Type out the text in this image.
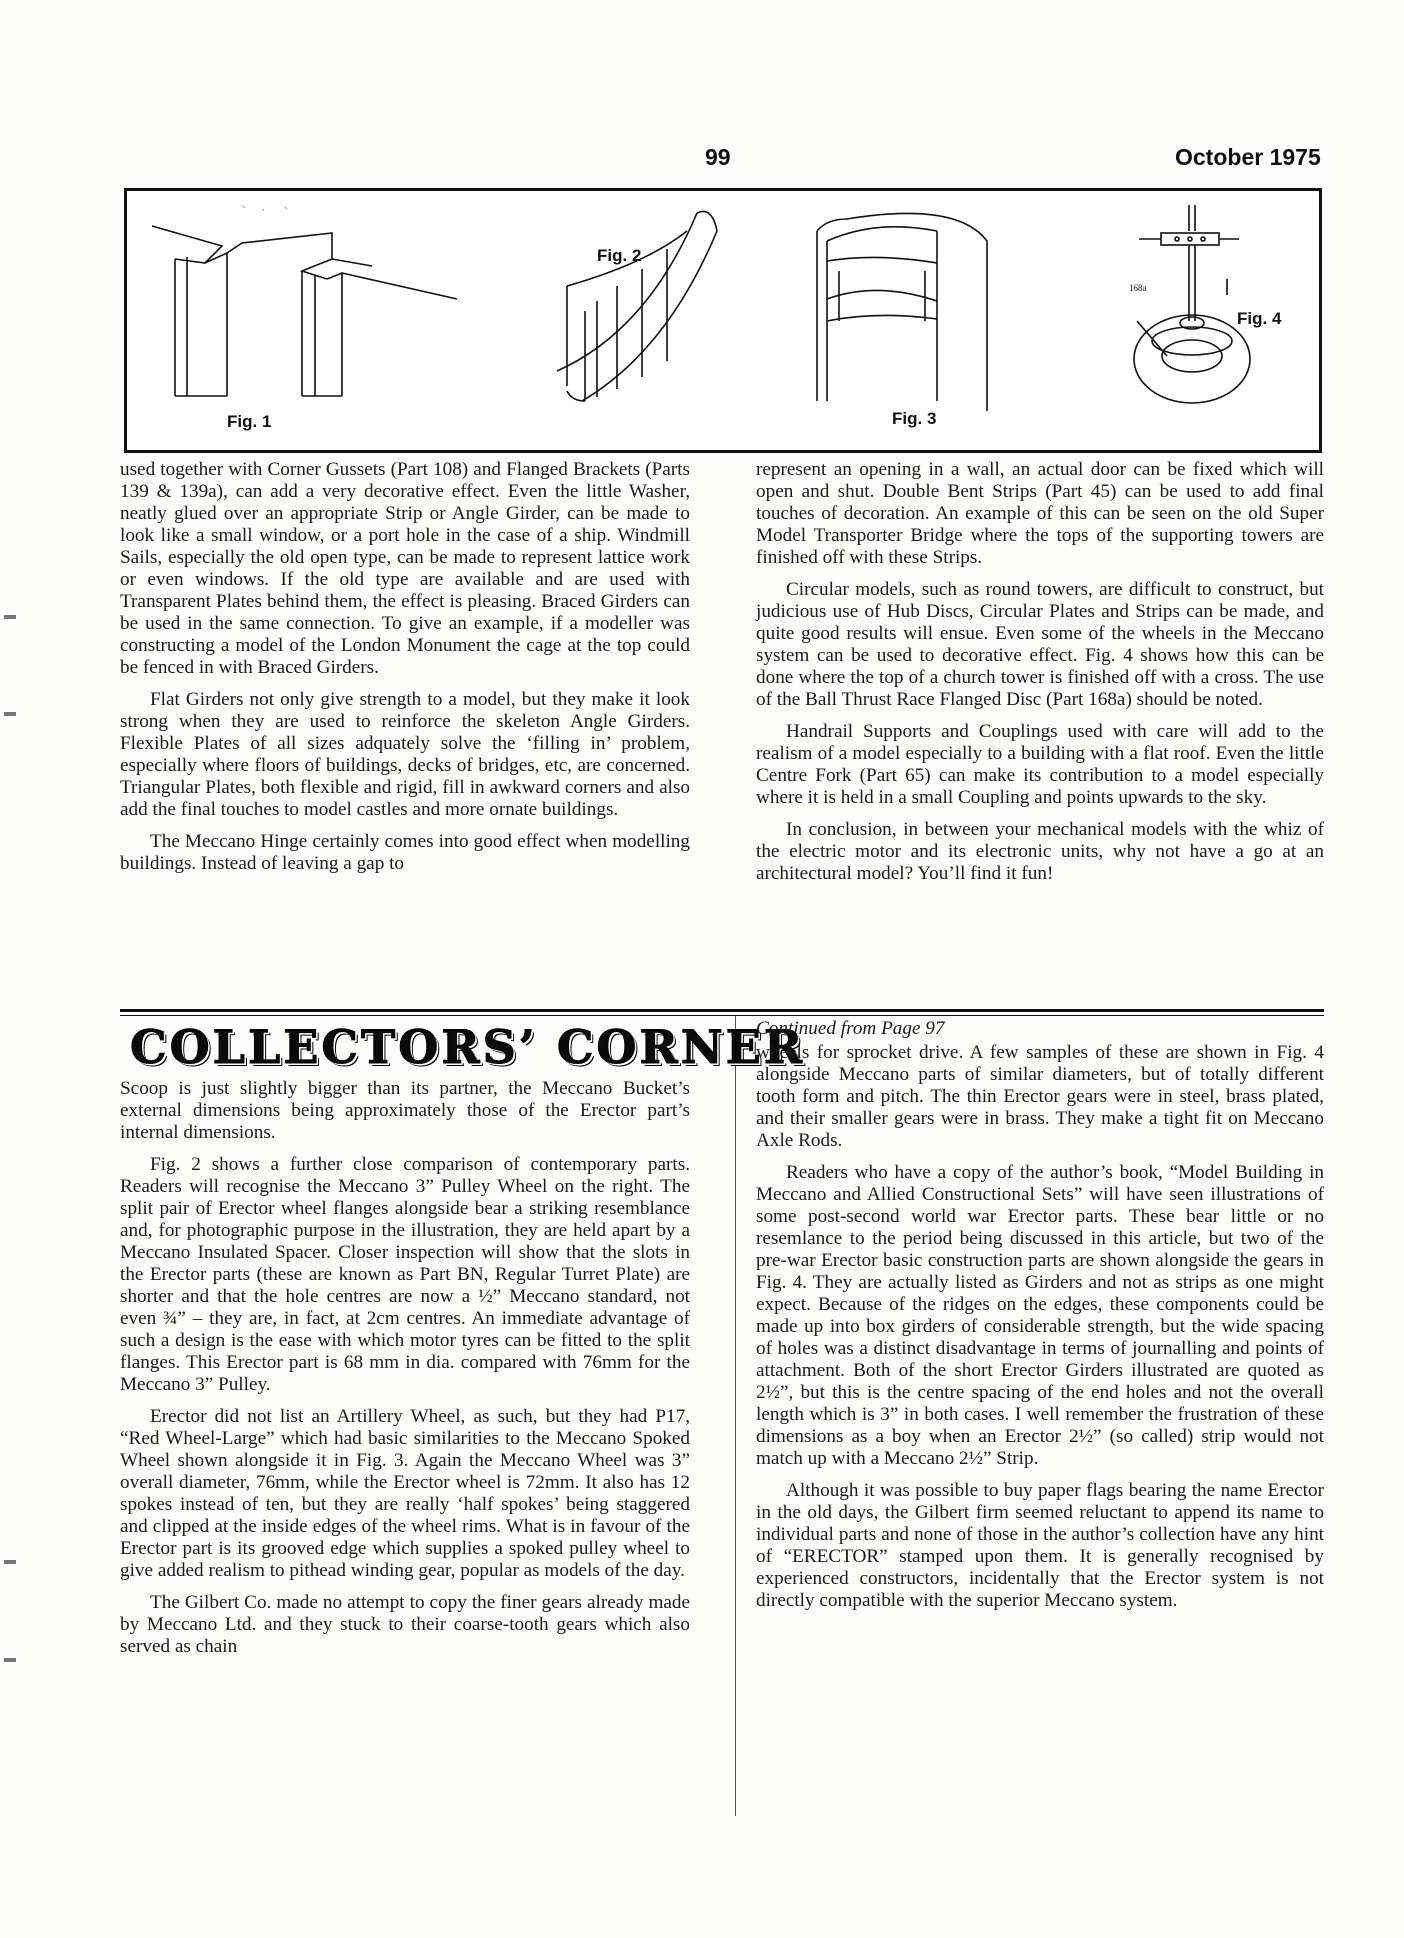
99	October 1975
168a
Fig. 1
Fig. 2
Fig. 3
Fig. 4

used together with Corner Gussets (Part 108) and Flanged Brackets (Parts 139 & 139a), can add a very decorative effect. Even the little Washer, neatly glued over an appropriate Strip or Angle Girder, can be made to look like a small window, or a port hole in the case of a ship. Windmill Sails, especially the old open type, can be made to represent lattice work or even windows. If the old type are available and are used with Transparent Plates behind them, the effect is pleasing. Braced Girders can be used in the same connection. To give an example, if a modeller was constructing a model of the London Monument the cage at the top could be fenced in with Braced Girders.

Flat Girders not only give strength to a model, but they make it look strong when they are used to reinforce the skeleton Angle Girders. Flexible Plates of all sizes adquately solve the ‘filling in’ problem, especially where floors of buildings, decks of bridges, etc, are concerned. Triangular Plates, both flexible and rigid, fill in awkward corners and also add the final touches to model castles and more ornate buildings.

The Meccano Hinge certainly comes into good effect when modelling buildings. Instead of leaving a gap to

represent an opening in a wall, an actual door can be fixed which will open and shut. Double Bent Strips (Part 45) can be used to add final touches of decoration. An example of this can be seen on the old Super Model Transporter Bridge where the tops of the supporting towers are finished off with these Strips.

Circular models, such as round towers, are difficult to construct, but judicious use of Hub Discs, Circular Plates and Strips can be made, and quite good results will ensue. Even some of the wheels in the Meccano system can be used to decorative effect. Fig. 4 shows how this can be done where the top of a church tower is finished off with a cross. The use of the Ball Thrust Race Flanged Disc (Part 168a) should be noted.

Handrail Supports and Couplings used with care will add to the realism of a model especially to a building with a flat roof. Even the little Centre Fork (Part 65) can make its contribution to a model especially where it is held in a small Coupling and points upwards to the sky.

In conclusion, in between your mechanical models with the whiz of the electric motor and its electronic units, why not have a go at an architectural model? You’ll find it fun!

COLLECTORS’ CORNER

Scoop is just slightly bigger than its partner, the Meccano Bucket’s external dimensions being approximately those of the Erector part’s internal dimensions.

Fig. 2 shows a further close comparison of contemporary parts. Readers will recognise the Meccano 3” Pulley Wheel on the right. The split pair of Erector wheel flanges alongside bear a striking resemblance and, for photographic purpose in the illustration, they are held apart by a Meccano Insulated Spacer. Closer inspection will show that the slots in the Erector parts (these are known as Part BN, Regular Turret Plate) are shorter and that the hole centres are now a ½” Meccano standard, not even ¾” – they are, in fact, at 2cm centres. An immediate advantage of such a design is the ease with which motor tyres can be fitted to the split flanges. This Erector part is 68 mm in dia. compared with 76mm for the Meccano 3” Pulley.

Erector did not list an Artillery Wheel, as such, but they had P17, “Red Wheel-Large” which had basic similarities to the Meccano Spoked Wheel shown alongside it in Fig. 3. Again the Meccano Wheel was 3” overall diameter, 76mm, while the Erector wheel is 72mm. It also has 12 spokes instead of ten, but they are really ‘half spokes’ being staggered and clipped at the inside edges of the wheel rims. What is in favour of the Erector part is its grooved edge which supplies a spoked pulley wheel to give added realism to pithead winding gear, popular as models of the day.

The Gilbert Co. made no attempt to copy the finer gears already made by Meccano Ltd. and they stuck to their coarse-tooth gears which also served as chain

Continued from Page 97

wheels for sprocket drive. A few samples of these are shown in Fig. 4 alongside Meccano parts of similar diameters, but of totally different tooth form and pitch. The thin Erector gears were in steel, brass plated, and their smaller gears were in brass. They make a tight fit on Meccano Axle Rods.

Readers who have a copy of the author’s book, “Model Building in Meccano and Allied Constructional Sets” will have seen illustrations of some post-second world war Erector parts. These bear little or no resemlance to the period being discussed in this article, but two of the pre-war Erector basic construction parts are shown alongside the gears in Fig. 4. They are actually listed as Girders and not as strips as one might expect. Because of the ridges on the edges, these components could be made up into box girders of considerable strength, but the wide spacing of holes was a distinct disadvantage in terms of journalling and points of attachment. Both of the short Erector Girders illustrated are quoted as 2½”, but this is the centre spacing of the end holes and not the overall length which is 3” in both cases. I well remember the frustration of these dimensions as a boy when an Erector 2½” (so called) strip would not match up with a Meccano 2½” Strip.

Although it was possible to buy paper flags bearing the name Erector in the old days, the Gilbert firm seemed reluctant to append its name to individual parts and none of those in the author’s collection have any hint of “ERECTOR” stamped upon them. It is generally recognised by experienced constructors, incidentally that the Erector system is not directly compatible with the superior Meccano system.
